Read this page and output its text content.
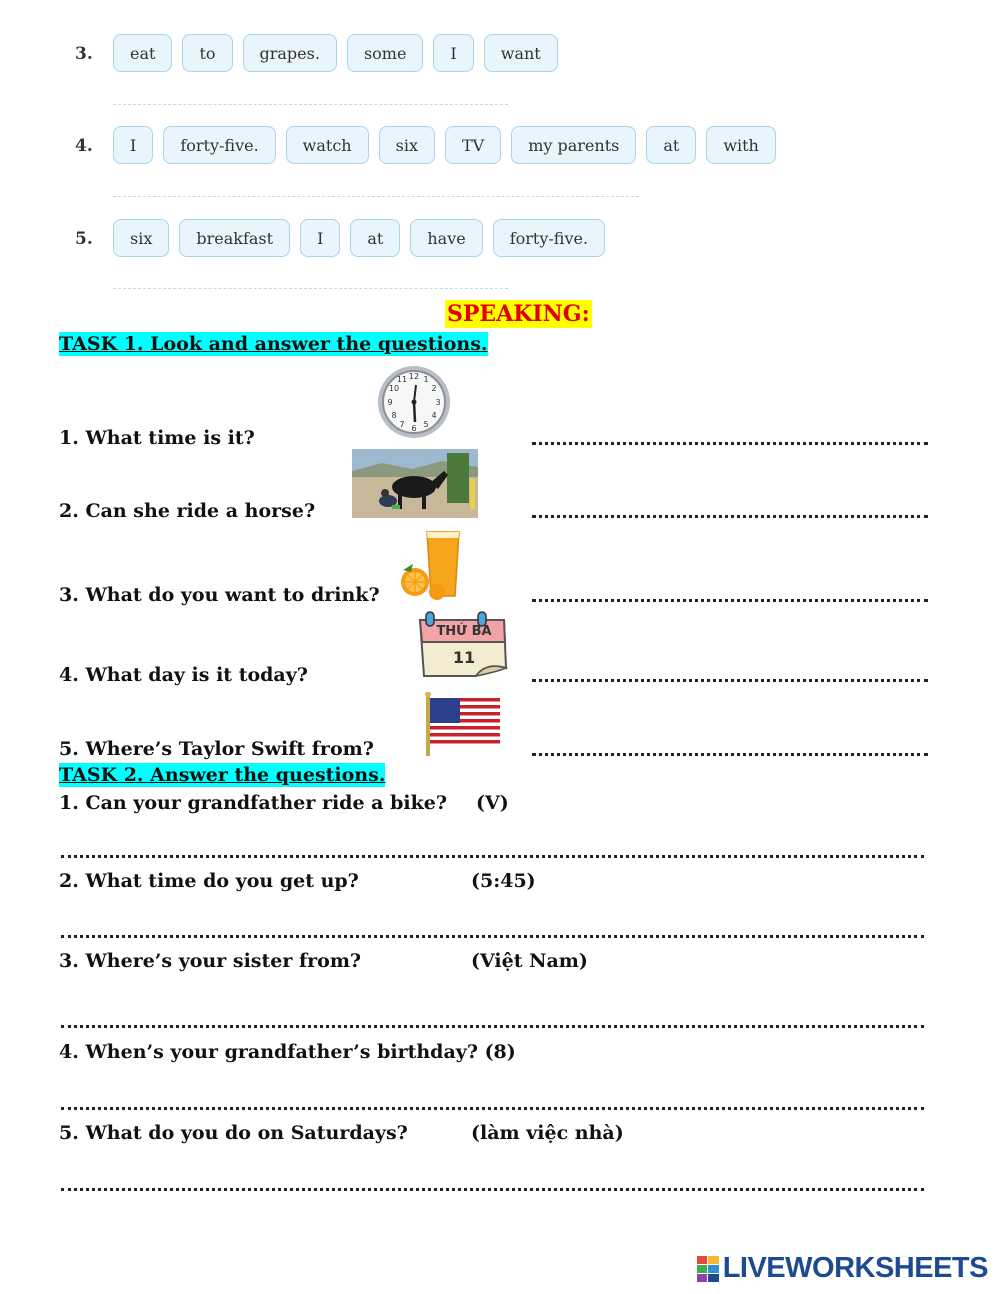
3.	eat	to	grapes.	some	I	want
4.	I	forty-five.	watch	six	TV	my parents	at	with
5.	six	breakfast	I	at	have	forty-five.
SPEAKING:
TASK 1. Look and answer the questions.
12 1
2
3
4
5
6
7
8
9
10
11
1. What time is it?
2. Can she ride a horse?
3. What do you want to drink?
THỨ BA
11
4. What day is it today?
5. Where’s Taylor Swift from?
TASK 2. Answer the questions.
1. Can your grandfather ride a bike? (V)
2. What time do you get up?	(5:45)
3. Where’s your sister from?	(Việt Nam)
4. When’s your grandfather’s birthday? (8)
5. What do you do on Saturdays?	(làm việc nhà)
LIVEWORKSHEETS
